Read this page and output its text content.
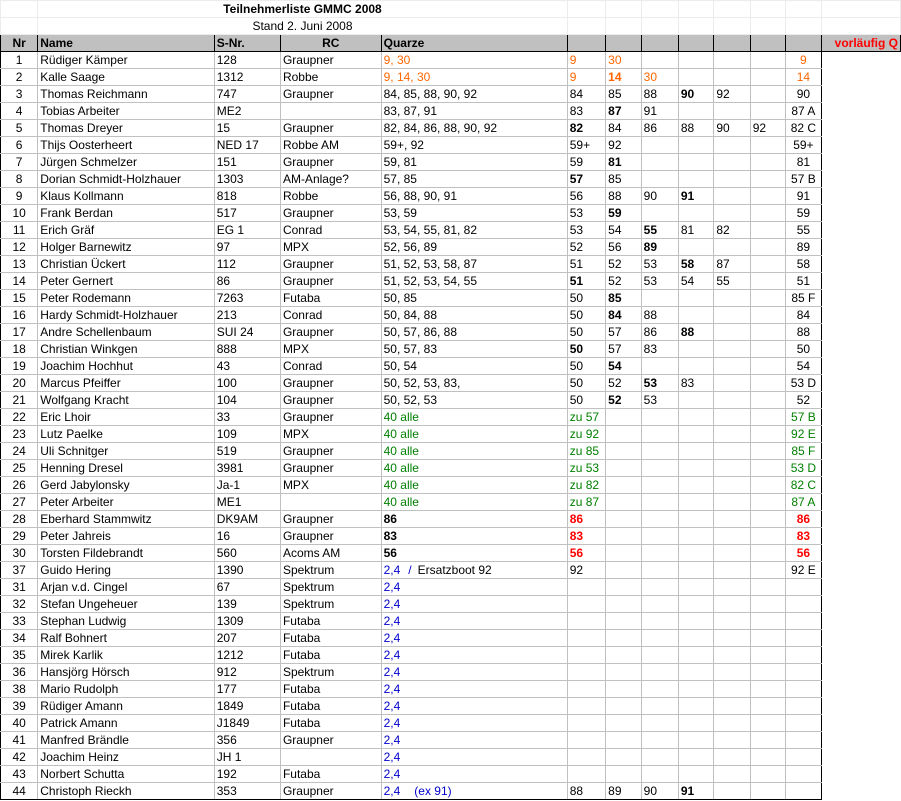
	Teilnehmerliste GMMC 2008											
	Stand 2. Juni 2008											
Nr	Name	S-Nr.	RC	Quarze								vorläufig Q
1	Rüdiger Kämper	128	Graupner	9, 30	9	30					9	
2	Kalle Saage	1312	Robbe	9, 14, 30	9	14	30				14	
3	Thomas Reichmann	747	Graupner	84, 85, 88, 90, 92	84	85	88	90	92		90	
4	Tobias Arbeiter	ME2		83, 87, 91	83	87	91				87 A	
5	Thomas Dreyer	15	Graupner	82, 84, 86, 88, 90, 92	82	84	86	88	90	92	82 C	
6	Thijs Oosterheert	NED 17	Robbe AM	59+, 92	59+	92					59+	
7	Jürgen Schmelzer	151	Graupner	59, 81	59	81					81	
8	Dorian Schmidt-Holzhauer	1303	AM-Anlage?	57, 85	57	85					57 B	
9	Klaus Kollmann	818	Robbe	56, 88, 90, 91	56	88	90	91			91	
10	Frank Berdan	517	Graupner	53, 59	53	59					59	
11	Erich Gräf	EG 1	Conrad	53, 54, 55, 81, 82	53	54	55	81	82		55	
12	Holger Barnewitz	97	MPX	52, 56, 89	52	56	89				89	
13	Christian Ückert	112	Graupner	51, 52, 53, 58, 87	51	52	53	58	87		58	
14	Peter Gernert	86	Graupner	51, 52, 53, 54, 55	51	52	53	54	55		51	
15	Peter Rodemann	7263	Futaba	50, 85	50	85					85 F	
16	Hardy Schmidt-Holzhauer	213	Conrad	50, 84, 88	50	84	88				84	
17	Andre Schellenbaum	SUI 24	Graupner	50, 57, 86, 88	50	57	86	88			88	
18	Christian Winkgen	888	MPX	50, 57, 83	50	57	83				50	
19	Joachim Hochhut	43	Conrad	50, 54	50	54					54	
20	Marcus Pfeiffer	100	Graupner	50, 52, 53, 83,	50	52	53	83			53 D	
21	Wolfgang Kracht	104	Graupner	50, 52, 53	50	52	53				52	
22	Eric Lhoir	33	Graupner	40 alle	zu 57						57 B	
23	Lutz Paelke	109	MPX	40 alle	zu 92						92 E	
24	Uli Schnitger	519	Graupner	40 alle	zu 85						85 F	
25	Henning Dresel	3981	Graupner	40 alle	zu 53						53 D	
26	Gerd Jabylonsky	Ja-1	MPX	40 alle	zu 82						82 C	
27	Peter Arbeiter	ME1		40 alle	zu 87						87 A	
28	Eberhard Stammwitz	DK9AM	Graupner	86	86						86	
29	Peter Jahreis	16	Graupner	83	83						83	
30	Torsten Fildebrandt	560	Acoms AM	56	56						56	
37	Guido Hering	1390	Spektrum	2,4 / Ersatzboot 92	92						92 E	
31	Arjan v.d. Cingel	67	Spektrum	2,4								
32	Stefan Ungeheuer	139	Spektrum	2,4								
33	Stephan Ludwig	1309	Futaba	2,4								
34	Ralf Bohnert	207	Futaba	2,4								
35	Mirek Karlik	1212	Futaba	2,4								
36	Hansjörg Hörsch	912	Spektrum	2,4								
38	Mario Rudolph	177	Futaba	2,4								
39	Rüdiger Amann	1849	Futaba	2,4								
40	Patrick Amann	J1849	Futaba	2,4								
41	Manfred Brändle	356	Graupner	2,4								
42	Joachim Heinz	JH 1		2,4								
43	Norbert Schutta	192	Futaba	2,4								
44	Christoph Rieckh	353	Graupner	2,4 (ex 91)	88	89	90	91				
